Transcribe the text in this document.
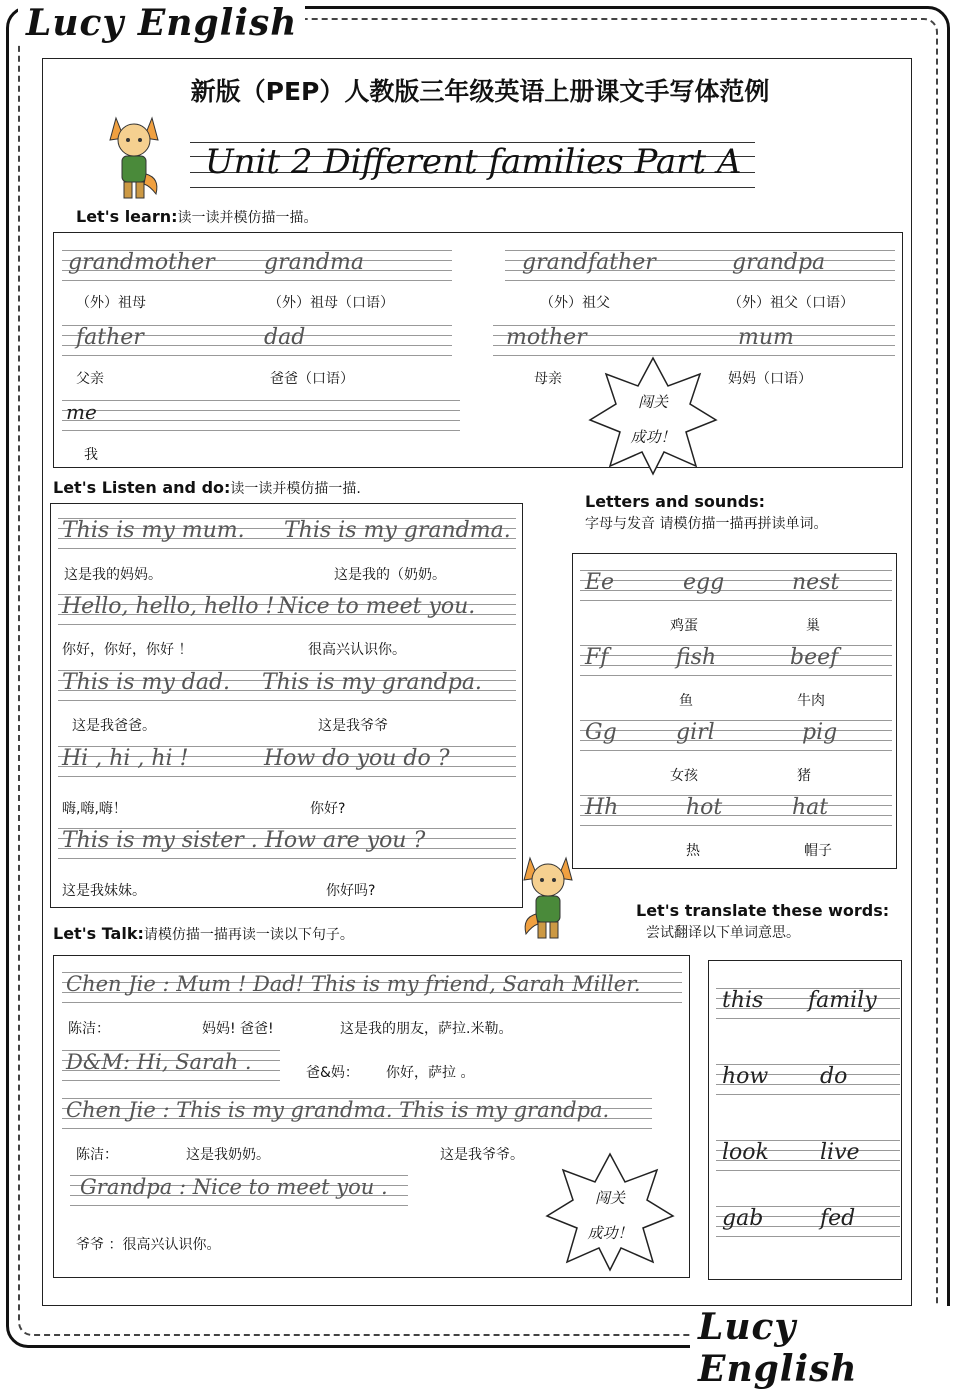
Lucy English
Lucy English
新版（PEP）人教版三年级英语上册课文手写体范例
Unit 2 Different families Part A
Let's learn:读一读并模仿描一描。
grandmother grandma	grandfather	grandpa
（外）祖母	（外）祖母（口语）	（外）祖父	（外）祖父（口语）
father	dad	mother	mum
父亲	爸爸（口语）	母亲	妈妈（口语）
me
我
闯关
成功！
Let's Listen and do:读一读并模仿描一描.
This is my mum. This is my grandma.
这是我的妈妈。	这是我的（奶奶。
Hello, hello, hello ! Nice to meet you.
你好，你好，你好 ！	很高兴认识你。
This is my dad. This is my grandpa.
这是我爸爸。	这是我爷爷
Hi , hi , hi !	How do you do ?
嗨,嗨,嗨！	你好?
This is my sister . How are you ?
这是我妹妹。	你好吗?
Letters and sounds:
字母与发音 请模仿描一描再拼读单词。
Ee	egg	nest
鸡蛋	巢
Ff	fish	beef
鱼	牛肉
Gg	girl	pig
女孩	猪
Hh	hot	hat
热	帽子
Let's translate these words:
尝试翻译以下单词意思。
Let's Talk:请模仿描一描再读一读以下句子。
Chen Jie : Mum ! Dad! This is my friend, Sarah Miller.
陈洁：	妈妈! 爸爸!	这是我的朋友，萨拉.米勒。
D&M: Hi, Sarah .	爸&妈： 你好，萨拉 。
Chen Jie : This is my grandma. This is my grandpa.
陈洁：	这是我奶奶。	这是我爷爷。
Grandpa : Nice to meet you .
爷爷 ：很高兴认识你。
闯关
成功！
this family
how do
look live
gab	fed
